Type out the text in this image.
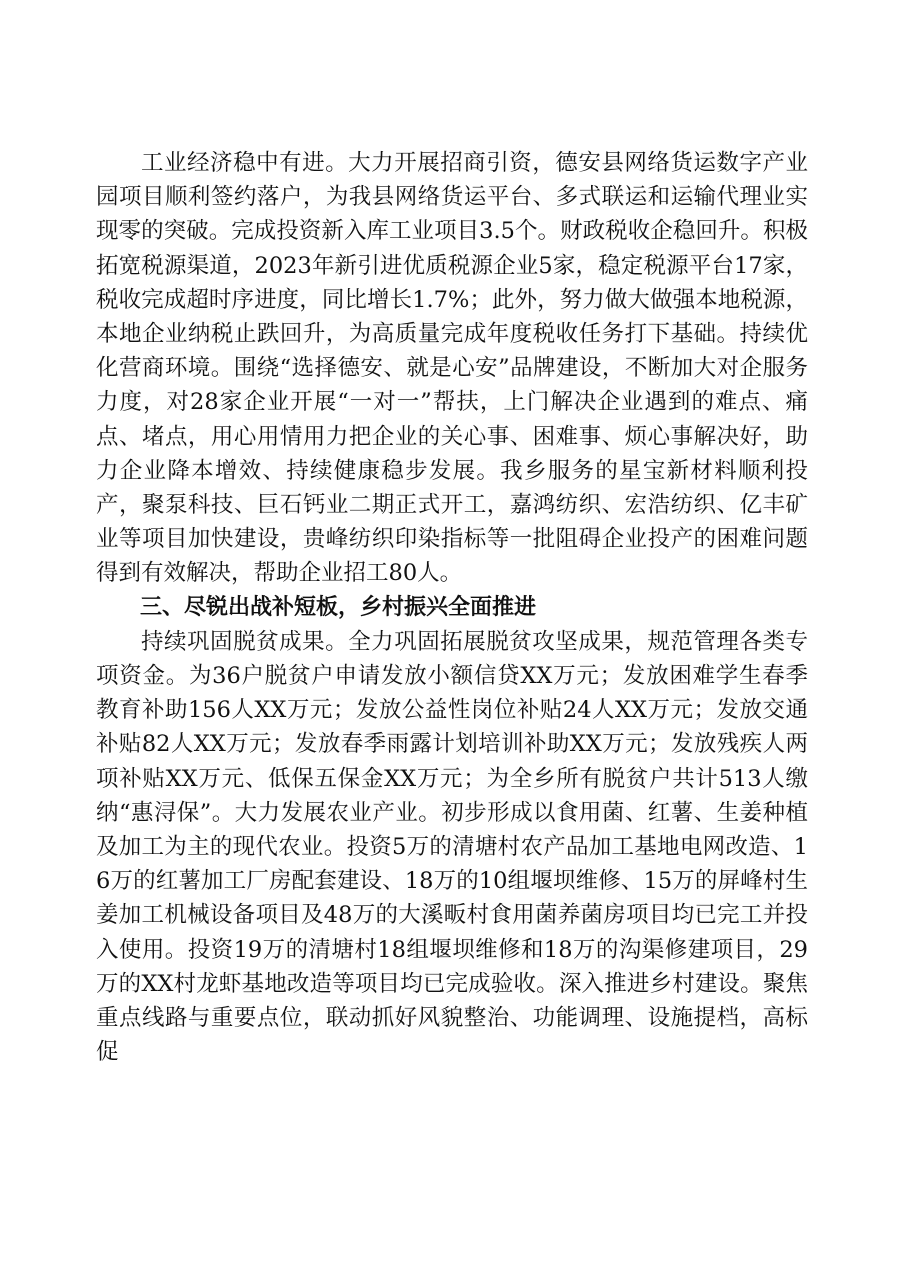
工业经济稳中有进。大力开展招商引资，德安县网络货运数字产业园项目顺利签约落户，为我县网络货运平台、多式联运和运输代理业实现零的突破。完成投资新入库工业项目3.5个。财政税收企稳回升。积极拓宽税源渠道，2023年新引进优质税源企业5家，稳定税源平台17家，税收完成超时序进度，同比增长1.7%；此外，努力做大做强本地税源，本地企业纳税止跌回升，为高质量完成年度税收任务打下基础。持续优化营商环境。围绕“选择德安、就是心安”品牌建设，不断加大对企服务力度，对28家企业开展“一对一”帮扶，上门解决企业遇到的难点、痛点、堵点，用心用情用力把企业的关心事、困难事、烦心事解决好，助力企业降本增效、持续健康稳步发展。我乡服务的星宝新材料顺利投产，聚泵科技、巨石钙业二期正式开工，嘉鸿纺织、宏浩纺织、亿丰矿业等项目加快建设，贵峰纺织印染指标等一批阻碍企业投产的困难问题得到有效解决，帮助企业招工80人。

三、尽锐出战补短板，乡村振兴全面推进

持续巩固脱贫成果。全力巩固拓展脱贫攻坚成果，规范管理各类专项资金。为36户脱贫户申请发放小额信贷XX万元；发放困难学生春季教育补助156人XX万元；发放公益性岗位补贴24人XX万元；发放交通补贴82人XX万元；发放春季雨露计划培训补助XX万元；发放残疾人两项补贴XX万元、低保五保金XX万元；为全乡所有脱贫户共计513人缴纳“惠浔保”。大力发展农业产业。初步形成以食用菌、红薯、生姜种植及加工为主的现代农业。投资5万的清塘村农产品加工基地电网改造、16万的红薯加工厂房配套建设、18万的10组堰坝维修、15万的屏峰村生姜加工机械设备项目及48万的大溪畈村食用菌养菌房项目均已完工并投入使用。投资19万的清塘村18组堰坝维修和18万的沟渠修建项目，29万的XX村龙虾基地改造等项目均已完成验收。深入推进乡村建设。聚焦重点线路与重要点位，联动抓好风貌整治、功能调理、设施提档，高标促
